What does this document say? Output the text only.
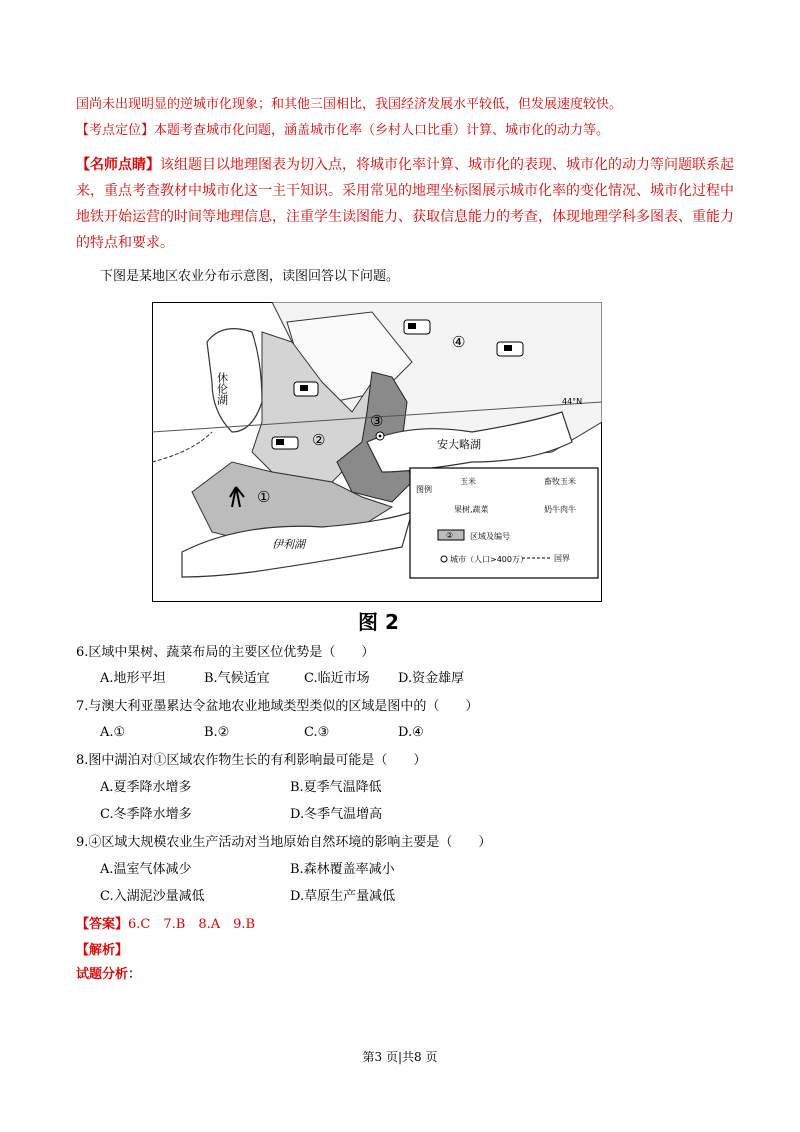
国尚未出现明显的逆城市化现象；和其他三国相比，我国经济发展水平较低，但发展速度较快。
【考点定位】本题考查城市化问题，涵盖城市化率（乡村人口比重）计算、城市化的动力等。
【名师点睛】该组题目以地理图表为切入点，将城市化率计算、城市化的表现、城市化的动力等问题联系起来，重点考查教材中城市化这一主干知识。采用常见的地理坐标图展示城市化率的变化情况、城市化过程中地铁开始运营的时间等地理信息，注重学生读图能力、获取信息能力的考查，体现地理学科多图表、重能力的特点和要求。
下图是某地区农业分布示意图，读图回答以下问题。
④
②
③
①
休伦湖
安大略湖
伊利湖
44°N
图例
玉米	畜牧玉米
果树,蔬菜	奶牛肉牛
② 区域及编号
城市（人口>400万）	国界
图 2
6.区域中果树、蔬菜布局的主要区位优势是（　　）
A.地形平坦	B.气候适宜	C.临近市场 D.资金雄厚
7.与澳大利亚墨累达令盆地农业地域类型类似的区域是图中的（　　）
A.①	B.②	C.③	D.④
8.图中湖泊对①区域农作物生长的有利影响最可能是（　　）
A.夏季降水增多	B.夏季气温降低
C.冬季降水增多	D.冬季气温增高
9.④区域大规模农业生产活动对当地原始自然环境的影响主要是（　　）
A.温室气体减少	B.森林覆盖率减小
C.入湖泥沙量减低	D.草原生产量减低
【答案】6.C　7.B　8.A　9.B
【解析】
试题分析：
第3 页|共8 页
